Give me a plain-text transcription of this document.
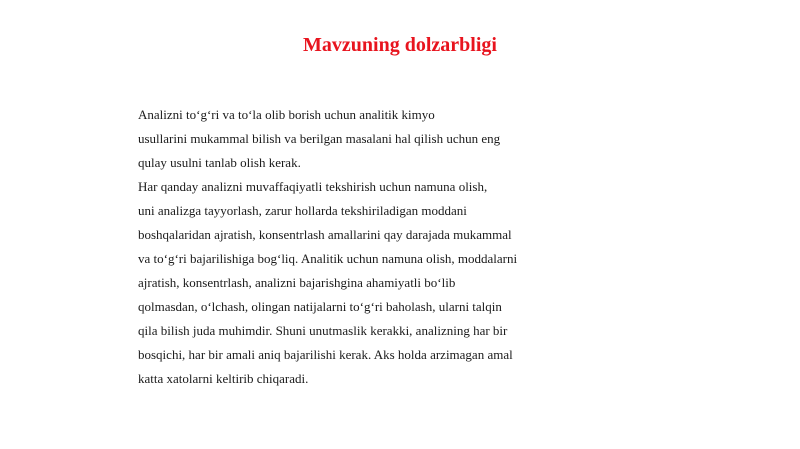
Mavzuning dolzarbligi
Analizni to‘g‘ri va to‘la olib borish uchun analitik kimyo
usullarini mukammal bilish va berilgan masalani hal qilish uchun eng
qulay usulni tanlab olish kerak.
Har qanday analizni muvaffaqiyatli tekshirish uchun namuna olish,
uni analizga tayyorlash, zarur hollarda tekshiriladigan moddani
boshqalaridan ajratish, konsentrlash amallarini qay darajada mukammal
va to‘g‘ri bajarilishiga bog‘liq. Analitik uchun namuna olish, moddalarni
ajratish, konsentrlash, analizni bajarishgina ahamiyatli bo‘lib
qolmasdan, o‘lchash, olingan natijalarni to‘g‘ri baholash, ularni talqin
qila bilish juda muhimdir. Shuni unutmaslik kerakki, analizning har bir
bosqichi, har bir amali aniq bajarilishi kerak. Aks holda arzimagan amal
katta xatolarni keltirib chiqaradi.
